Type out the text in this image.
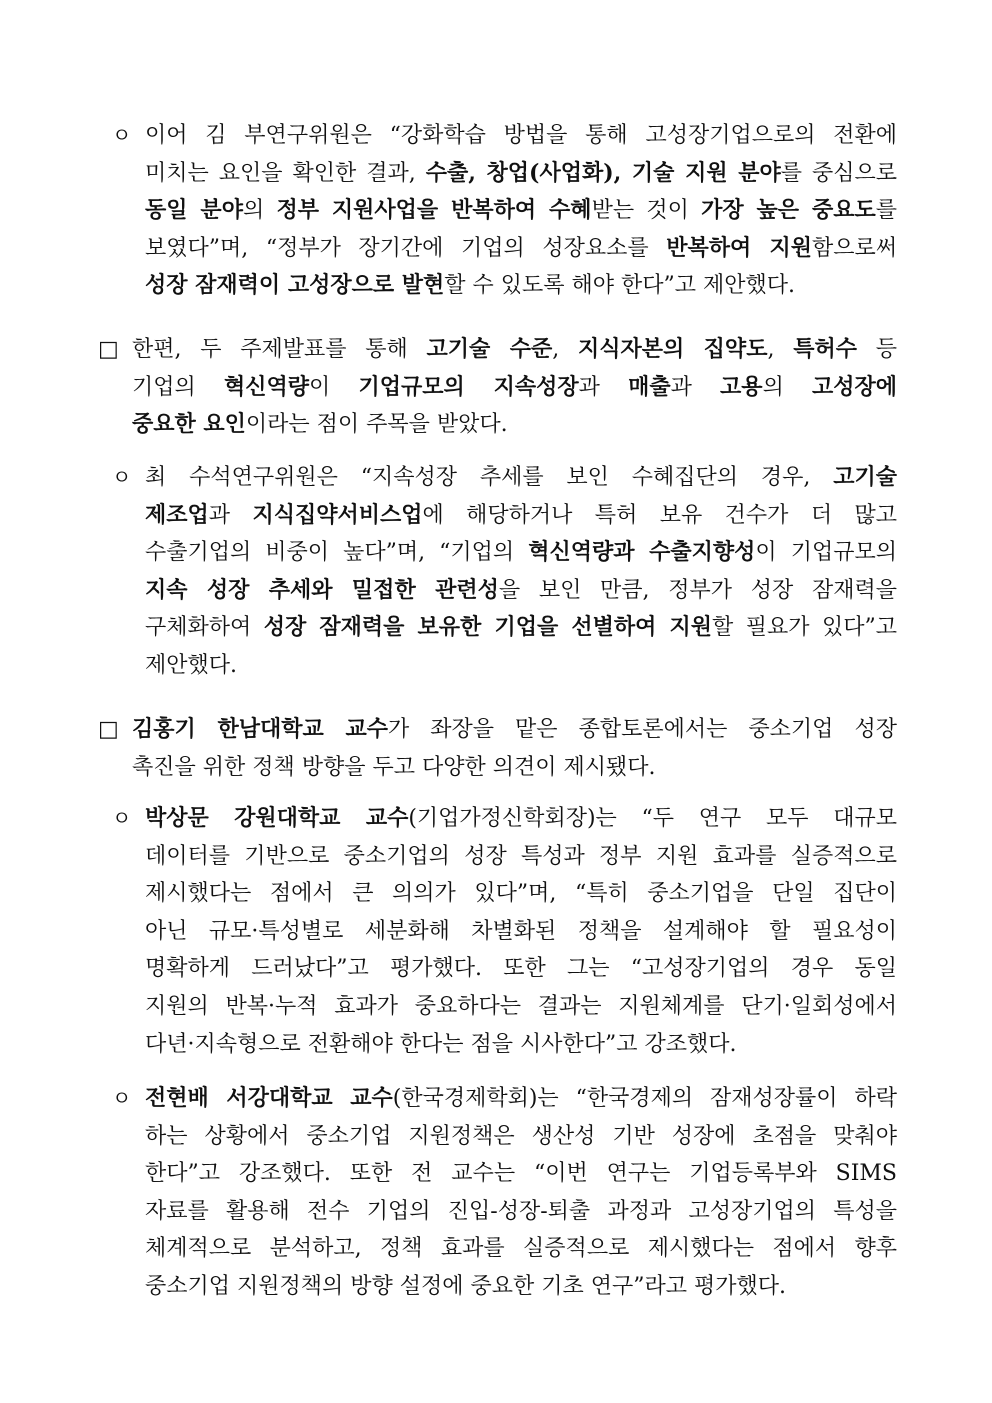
ㅇ 이어 김 부연구위원은 “강화학습 방법을 통해 고성장기업으로의 전환에
미치는 요인을 확인한 결과, 수출, 창업(사업화), 기술 지원 분야를 중심으로
동일 분야의 정부 지원사업을 반복하여 수혜받는 것이 가장 높은 중요도를
보였다”며, “정부가 장기간에 기업의 성장요소를 반복하여 지원함으로써
성장 잠재력이 고성장으로 발현할 수 있도록 해야 한다”고 제안했다.
□ 한편, 두 주제발표를 통해 고기술 수준, 지식자본의 집약도, 특허수 등
기업의 혁신역량이 기업규모의 지속성장과 매출과 고용의 고성장에
중요한 요인이라는 점이 주목을 받았다.
ㅇ 최 수석연구위원은 “지속성장 추세를 보인 수혜집단의 경우, 고기술
제조업과 지식집약서비스업에 해당하거나 특허 보유 건수가 더 많고
수출기업의 비중이 높다”며, “기업의 혁신역량과 수출지향성이 기업규모의
지속 성장 추세와 밀접한 관련성을 보인 만큼, 정부가 성장 잠재력을
구체화하여 성장 잠재력을 보유한 기업을 선별하여 지원할 필요가 있다”고
제안했다.
□ 김홍기 한남대학교 교수가 좌장을 맡은 종합토론에서는 중소기업 성장
촉진을 위한 정책 방향을 두고 다양한 의견이 제시됐다.
ㅇ 박상문 강원대학교 교수(기업가정신학회장)는 “두 연구 모두 대규모
데이터를 기반으로 중소기업의 성장 특성과 정부 지원 효과를 실증적으로
제시했다는 점에서 큰 의의가 있다”며, “특히 중소기업을 단일 집단이
아닌 규모·특성별로 세분화해 차별화된 정책을 설계해야 할 필요성이
명확하게 드러났다”고 평가했다. 또한 그는 “고성장기업의 경우 동일
지원의 반복·누적 효과가 중요하다는 결과는 지원체계를 단기·일회성에서
다년·지속형으로 전환해야 한다는 점을 시사한다”고 강조했다.
ㅇ 전현배 서강대학교 교수(한국경제학회)는 “한국경제의 잠재성장률이 하락
하는 상황에서 중소기업 지원정책은 생산성 기반 성장에 초점을 맞춰야
한다”고 강조했다. 또한 전 교수는 “이번 연구는 기업등록부와 SIMS
자료를 활용해 전수 기업의 진입-성장-퇴출 과정과 고성장기업의 특성을
체계적으로 분석하고, 정책 효과를 실증적으로 제시했다는 점에서 향후
중소기업 지원정책의 방향 설정에 중요한 기초 연구”라고 평가했다.
